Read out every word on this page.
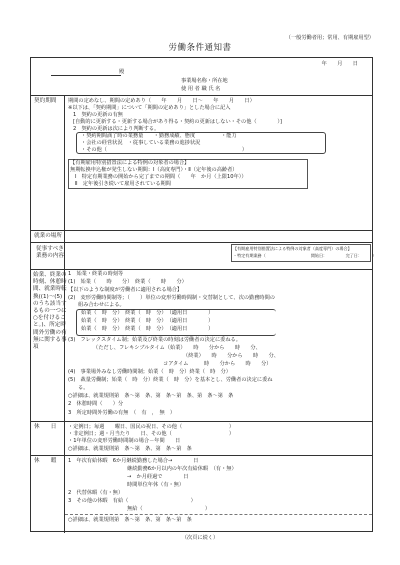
（一般労働者用；常用、有期雇用型）
労働条件通知書
年　　月　　日
殿
事業場名称・所在地
使 用 者 職 氏 名
契約期間 期間の定めなし、期間の定めあり（　　年　　月　　日～　　年　　月　　日）
※以下は、「契約期間」について「期間の定めあり」とした場合に記入
1　契約の更新の有無
[自動的に更新する・更新する場合があり得る・契約の更新はしない・その他（　　　　）]
2　契約の更新は次により判断する。
・契約期間満了時の業務量　　・勤務成績、態度　　　　　・能力
・会社の経営状況　・従事している業務の進捗状況
・その他（　　　　　　　　　　　　　　　　　　　　　　　　　　）
【有期雇用特別措置法による特例の対象者の場合】
無期転換申込権が発生しない期間：Ⅰ（高度専門）・Ⅱ（定年後の高齢者）
Ⅰ　特定有期業務の開始から完了までの期間（　　年　か月（上限10年））
Ⅱ　定年後引き続いて雇用されている期間
就業の場所
従事すべき
業務の内容
【有期雇用特別措置法による特例の対象者（高度専門）の場合】
・特定有期業務（　　　　　　　　　　　開始日：　　　　　完了日：　　　）
始業、終業の
時刻、休憩時
間、就業時転
換((1)～(5)
のうち該当す
るもの一つに
○を付けるこ
と。)、所定時
間外労働の有
無に関する事
項
1　始業・終業の時刻等
(1)　始業（　　時　　分）　終業（　　時　　分）
【以下のような制度が労働者に適用される場合】
(2)　変形労働時間制等；（　　）単位の変形労働時間制・交替制として、次の勤務時間の
組み合わせによる。
始業（　時　分）　終業（　時　分）　（適用日　　　　）
始業（　時　分）　終業（　時　分）　（適用日　　　　）
始業（　時　分）　終業（　時　分）　（適用日　　　　）
(3)　フレックスタイム制；始業及び終業の時刻は労働者の決定に委ねる。
（ただし、フレキシブルタイム（始業）　　時　　分から　　時　　分、
（終業）　　時　　分から　　時　　分、
コアタイム　　　時　　分から　　時　　分）
(4)　事業場外みなし労働時間制；始業（　時　分）終業（　時　分）
(5)　裁量労働制；始業（　時　分）終業（　時　分）を基本とし、労働者の決定に委ね
る。
○詳細は、就業規則第　条～第　条、第　条～第　条、第　条～第　条
2　休憩時間（　　）分
3　所定時間外労働の有無　（　有　，　無　）
休　　日 ・定例日；毎週　　曜日、国民の祝日、その他（　　　　　　　　　）
・非定例日；週・月当たり　　日、その他（　　　　　　　　　　　）
・1年単位の変形労働時間制の場合－年間　　日
○詳細は、就業規則第　条～第　条、第　条～第　条
休　　暇 1　年次有給休暇　6か月継続勤務した場合→　　　　日
継続勤務6か月以内の年次有給休暇　（有・無）
→　か月経過で　　　　日
時間単位年休（有・無）
2　代替休暇（有・無）
3　その他の休暇　有給（　　　　　　　　　　　　）
無給（　　　　　　　　　　　　）
○詳細は、就業規則第　条～第　条、第　条～第　条
（次頁に続く）
